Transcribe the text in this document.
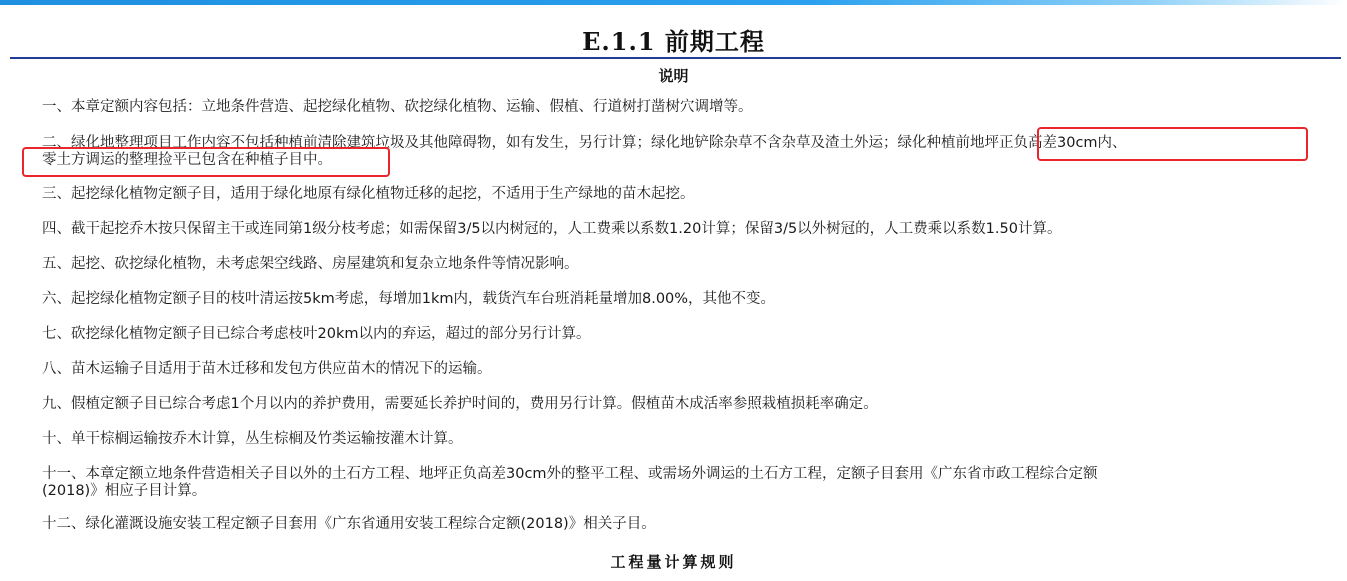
E.1.1 前期工程
说明
一、本章定额内容包括：立地条件营造、起挖绿化植物、砍挖绿化植物、运输、假植、行道树打凿树穴调增等。
二、绿化地整理项目工作内容不包括种植前清除建筑垃圾及其他障碍物，如有发生，另行计算；绿化地铲除杂草不含杂草及渣土外运；绿化种植前地坪正负高差30cm内、
零土方调运的整理捡平已包含在种植子目中。
三、起挖绿化植物定额子目，适用于绿化地原有绿化植物迁移的起挖，不适用于生产绿地的苗木起挖。
四、截干起挖乔木按只保留主干或连同第1级分枝考虑；如需保留3/5以内树冠的，人工费乘以系数1.20计算；保留3/5以外树冠的，人工费乘以系数1.50计算。
五、起挖、砍挖绿化植物，未考虑架空线路、房屋建筑和复杂立地条件等情况影响。
六、起挖绿化植物定额子目的枝叶清运按5km考虑，每增加1km内，载货汽车台班消耗量增加8.00%，其他不变。
七、砍挖绿化植物定额子目已综合考虑枝叶20km以内的弃运，超过的部分另行计算。
八、苗木运输子目适用于苗木迁移和发包方供应苗木的情况下的运输。
九、假植定额子目已综合考虑1个月以内的养护费用，需要延长养护时间的，费用另行计算。假植苗木成活率参照栽植损耗率确定。
十、单干棕榈运输按乔木计算，丛生棕榈及竹类运输按灌木计算。
十一、本章定额立地条件营造相关子目以外的土石方工程、地坪正负高差30cm外的整平工程、或需场外调运的土石方工程，定额子目套用《广东省市政工程综合定额
(2018)》相应子目计算。
十二、绿化灌溉设施安装工程定额子目套用《广东省通用安装工程综合定额(2018)》相关子目。
工程量计算规则
